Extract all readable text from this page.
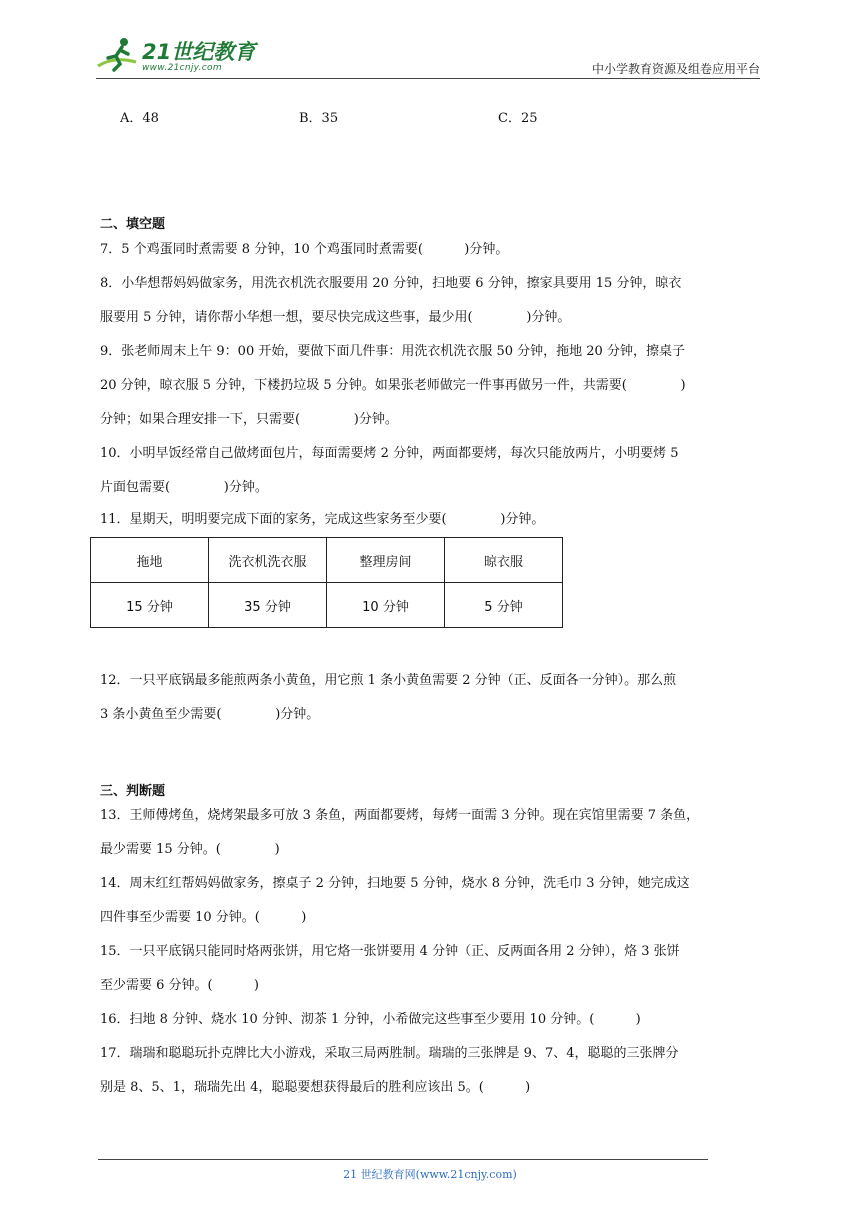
21世纪教育
www.21cnjy.com	中小学教育资源及组卷应用平台
A．48	B．35	C．25
二、填空题
7．5 个鸡蛋同时煮需要 8 分钟，10 个鸡蛋同时煮需要(          )分钟。
8．小华想帮妈妈做家务，用洗衣机洗衣服要用 20 分钟，扫地要 6 分钟，擦家具要用 15 分钟，晾衣
服要用 5 分钟，请你帮小华想一想，要尽快完成这些事，最少用(             )分钟。
9．张老师周末上午 9：00 开始，要做下面几件事：用洗衣机洗衣服 50 分钟，拖地 20 分钟，擦桌子
20 分钟，晾衣服 5 分钟，下楼扔垃圾 5 分钟。如果张老师做完一件事再做另一件，共需要(             )
分钟；如果合理安排一下，只需要(             )分钟。
10．小明早饭经常自己做烤面包片，每面需要烤 2 分钟，两面都要烤，每次只能放两片，小明要烤 5
片面包需要(             )分钟。
11．星期天，明明要完成下面的家务，完成这些家务至少要(             )分钟。
拖地	洗衣机洗衣服	整理房间	晾衣服
15 分钟	35 分钟	10 分钟	5 分钟
12．一只平底锅最多能煎两条小黄鱼，用它煎 1 条小黄鱼需要 2 分钟（正、反面各一分钟）。那么煎
3 条小黄鱼至少需要(             )分钟。
三、判断题
13．王师傅烤鱼，烧烤架最多可放 3 条鱼，两面都要烤，每烤一面需 3 分钟。现在宾馆里需要 7 条鱼，
最少需要 15 分钟。(             )
14．周末红红帮妈妈做家务，擦桌子 2 分钟，扫地要 5 分钟，烧水 8 分钟，洗毛巾 3 分钟，她完成这
四件事至少需要 10 分钟。(          )
15．一只平底锅只能同时烙两张饼，用它烙一张饼要用 4 分钟（正、反两面各用 2 分钟），烙 3 张饼
至少需要 6 分钟。(          )
16．扫地 8 分钟、烧水 10 分钟、沏茶 1 分钟，小希做完这些事至少要用 10 分钟。(          )
17．瑞瑞和聪聪玩扑克牌比大小游戏，采取三局两胜制。瑞瑞的三张牌是 9、7、4，聪聪的三张牌分
别是 8、5、1，瑞瑞先出 4，聪聪要想获得最后的胜利应该出 5。(          )
21 世纪教育网(www.21cnjy.com)
